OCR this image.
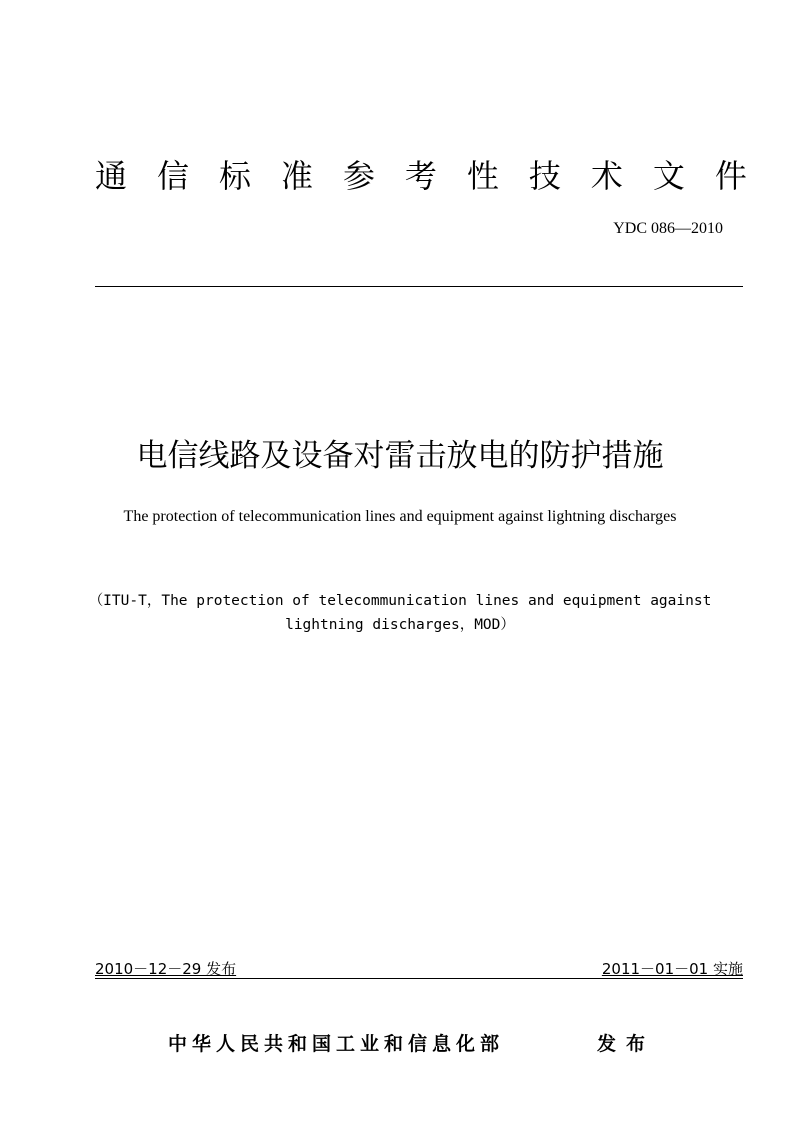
通 信 标 准 参 考 性 技 术 文 件
YDC 086—2010
电信线路及设备对雷击放电的防护措施
The protection of telecommunication lines and equipment against lightning discharges
（ITU-T，The protection of telecommunication lines and equipment against lightning discharges，MOD）
2010－12－29 发布	2011－01－01 实施
中华人民共和国工业和信息化部	发布
